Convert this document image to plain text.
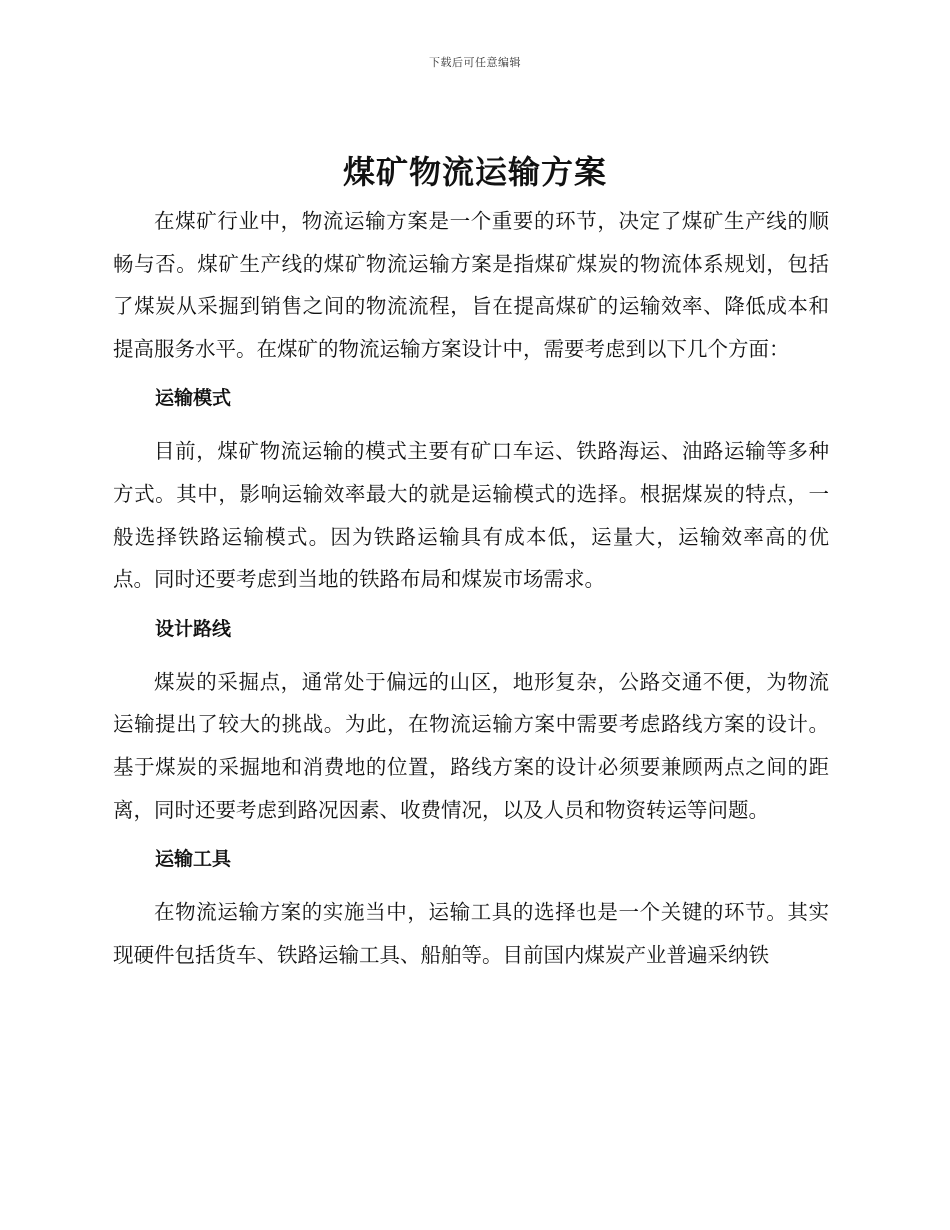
下载后可任意编辑
煤矿物流运输方案

在煤矿行业中，物流运输方案是一个重要的环节，决定了煤矿生产线的顺畅与否。煤矿生产线的煤矿物流运输方案是指煤矿煤炭的物流体系规划，包括了煤炭从采掘到销售之间的物流流程，旨在提高煤矿的运输效率、降低成本和提高服务水平。在煤矿的物流运输方案设计中，需要考虑到以下几个方面：

运输模式

目前，煤矿物流运输的模式主要有矿口车运、铁路海运、油路运输等多种方式。其中，影响运输效率最大的就是运输模式的选择。根据煤炭的特点，一般选择铁路运输模式。因为铁路运输具有成本低，运量大，运输效率高的优点。同时还要考虑到当地的铁路布局和煤炭市场需求。

设计路线

煤炭的采掘点，通常处于偏远的山区，地形复杂，公路交通不便，为物流运输提出了较大的挑战。为此，在物流运输方案中需要考虑路线方案的设计。基于煤炭的采掘地和消费地的位置，路线方案的设计必须要兼顾两点之间的距离，同时还要考虑到路况因素、收费情况，以及人员和物资转运等问题。

运输工具

在物流运输方案的实施当中，运输工具的选择也是一个关键的环节。其实现硬件包括货车、铁路运输工具、船舶等。目前国内煤炭产业普遍采纳铁
